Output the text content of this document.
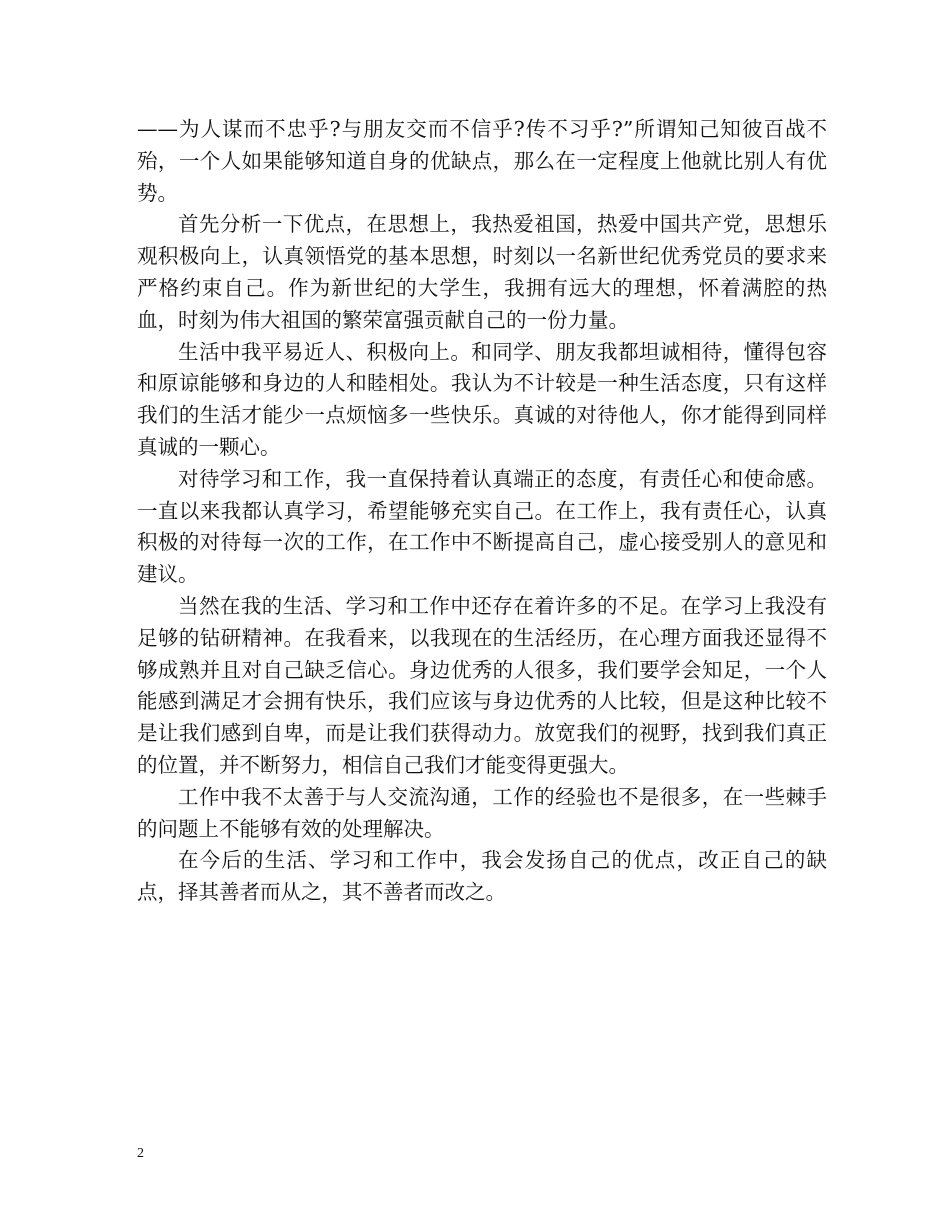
——为人谋而不忠乎?与朋友交而不信乎?传不习乎?”所谓知己知彼百战不殆，一个人如果能够知道自身的优缺点，那么在一定程度上他就比别人有优势。

首先分析一下优点，在思想上，我热爱祖国，热爱中国共产党，思想乐观积极向上，认真领悟党的基本思想，时刻以一名新世纪优秀党员的要求来严格约束自己。作为新世纪的大学生，我拥有远大的理想，怀着满腔的热血，时刻为伟大祖国的繁荣富强贡献自己的一份力量。

生活中我平易近人、积极向上。和同学、朋友我都坦诚相待，懂得包容和原谅能够和身边的人和睦相处。我认为不计较是一种生活态度，只有这样我们的生活才能少一点烦恼多一些快乐。真诚的对待他人，你才能得到同样真诚的一颗心。

对待学习和工作，我一直保持着认真端正的态度，有责任心和使命感。一直以来我都认真学习，希望能够充实自己。在工作上，我有责任心，认真积极的对待每一次的工作，在工作中不断提高自己，虚心接受别人的意见和建议。

当然在我的生活、学习和工作中还存在着许多的不足。在学习上我没有足够的钻研精神。在我看来，以我现在的生活经历，在心理方面我还显得不够成熟并且对自己缺乏信心。身边优秀的人很多，我们要学会知足，一个人能感到满足才会拥有快乐，我们应该与身边优秀的人比较，但是这种比较不是让我们感到自卑，而是让我们获得动力。放宽我们的视野，找到我们真正的位置，并不断努力，相信自己我们才能变得更强大。

工作中我不太善于与人交流沟通，工作的经验也不是很多，在一些棘手的问题上不能够有效的处理解决。

在今后的生活、学习和工作中，我会发扬自己的优点，改正自己的缺点，择其善者而从之，其不善者而改之。

2
